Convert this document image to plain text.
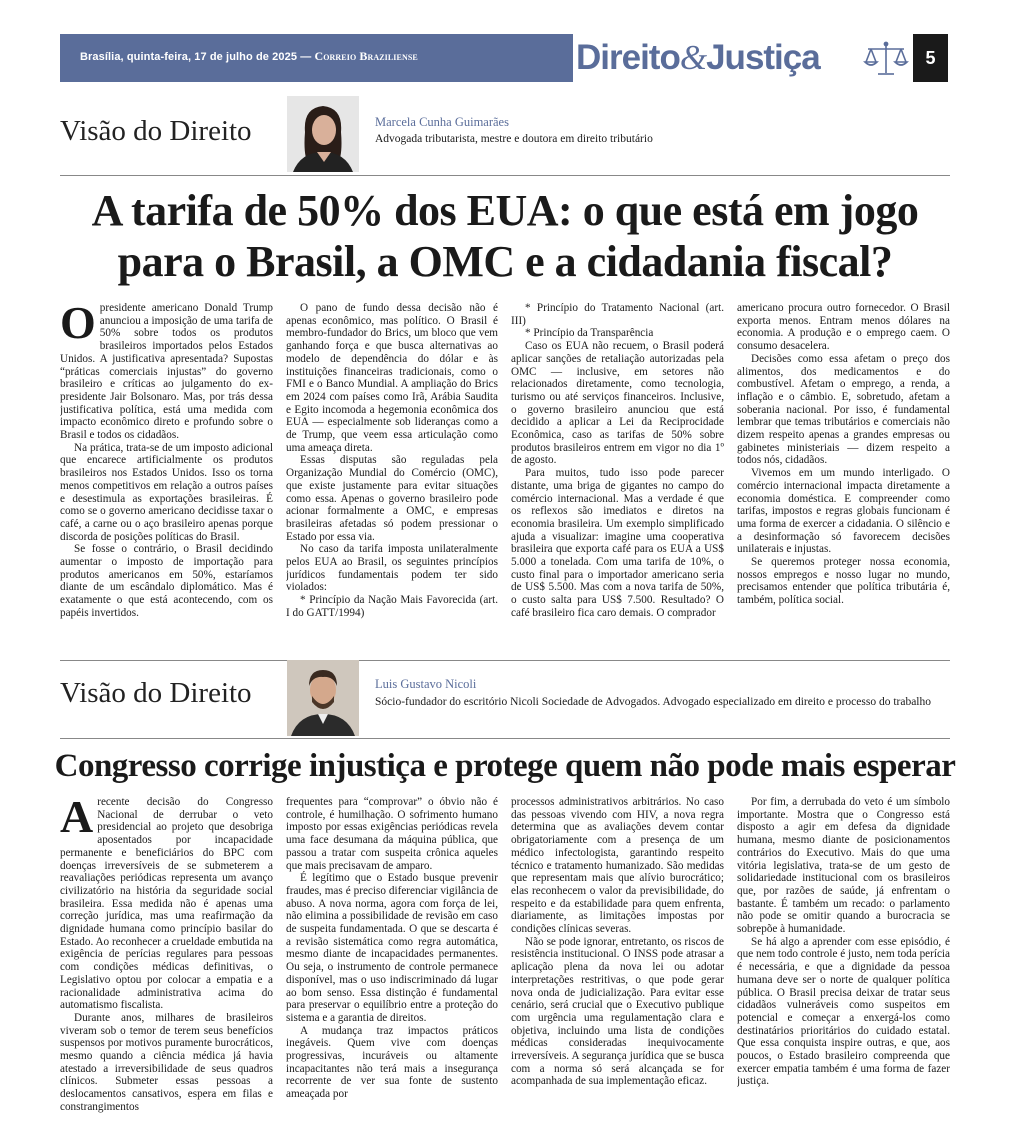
Brasília, quinta-feira, 17 de julho de 2025 — Correio Braziliense	Direito&Justiça	5
Visão do Direito	Marcela Cunha Guimarães
Advogada tributarista, mestre e doutora em direito tributário
A tarifa de 50% dos EUA: o que está em jogo
para o Brasil, a OMC e a cidadania fiscal?
O presidente americano Donald Trump anunciou a imposição de uma tarifa de 50% sobre todos os produtos brasileiros importados pelos Estados Unidos. A justificativa apresentada? Supostas “práticas comerciais injustas” do governo brasileiro e críticas ao julgamento do ex-presidente Jair Bolsonaro. Mas, por trás dessa justificativa política, está uma medida com impacto econômico direto e profundo sobre o Brasil e todos os cidadãos.

Na prática, trata-se de um imposto adicional que encarece artificialmente os produtos brasileiros nos Estados Unidos. Isso os torna menos competitivos em relação a outros países e desestimula as exportações brasileiras. É como se o governo americano decidisse taxar o café, a carne ou o aço brasileiro apenas porque discorda de posições políticas do Brasil.

Se fosse o contrário, o Brasil decidindo aumentar o imposto de importação para produtos americanos em 50%, estaríamos diante de um escândalo diplomático. Mas é exatamente o que está acontecendo, com os papéis invertidos.

O pano de fundo dessa decisão não é apenas econômico, mas político. O Brasil é membro-fundador do Brics, um bloco que vem ganhando força e que busca alternativas ao modelo de dependência do dólar e às instituições financeiras tradicionais, como o FMI e o Banco Mundial. A ampliação do Brics em 2024 com países como Irã, Arábia Saudita e Egito incomoda a hegemonia econômica dos EUA — especialmente sob lideranças como a de Trump, que veem essa articulação como uma ameaça direta.

Essas disputas são reguladas pela Organização Mundial do Comércio (OMC), que existe justamente para evitar situações como essa. Apenas o governo brasileiro pode acionar formalmente a OMC, e empresas brasileiras afetadas só podem pressionar o Estado por essa via.

No caso da tarifa imposta unilateralmente pelos EUA ao Brasil, os seguintes princípios jurídicos fundamentais podem ter sido violados:

* Princípio da Nação Mais Favorecida (art. I do GATT/1994)

* Princípio do Tratamento Nacional (art. III)

* Princípio da Transparência

Caso os EUA não recuem, o Brasil poderá aplicar sanções de retaliação autorizadas pela OMC — inclusive, em setores não relacionados diretamente, como tecnologia, turismo ou até serviços financeiros. Inclusive, o governo brasileiro anunciou que está decidido a aplicar a Lei da Reciprocidade Econômica, caso as tarifas de 50% sobre produtos brasileiros entrem em vigor no dia 1º de agosto.

Para muitos, tudo isso pode parecer distante, uma briga de gigantes no campo do comércio internacional. Mas a verdade é que os reflexos são imediatos e diretos na economia brasileira. Um exemplo simplificado ajuda a visualizar: imagine uma cooperativa brasileira que exporta café para os EUA a US$ 5.000 a tonelada. Com uma tarifa de 10%, o custo final para o importador americano seria de US$ 5.500. Mas com a nova tarifa de 50%, o custo salta para US$ 7.500. Resultado? O café brasileiro fica caro demais. O comprador

americano procura outro fornecedor. O Brasil exporta menos. Entram menos dólares na economia. A produção e o emprego caem. O consumo desacelera.

Decisões como essa afetam o preço dos alimentos, dos medicamentos e do combustível. Afetam o emprego, a renda, a inflação e o câmbio. E, sobretudo, afetam a soberania nacional. Por isso, é fundamental lembrar que temas tributários e comerciais não dizem respeito apenas a grandes empresas ou gabinetes ministeriais — dizem respeito a todos nós, cidadãos.

Vivemos em um mundo interligado. O comércio internacional impacta diretamente a economia doméstica. E compreender como tarifas, impostos e regras globais funcionam é uma forma de exercer a cidadania. O silêncio e a desinformação só favorecem decisões unilaterais e injustas.

Se queremos proteger nossa economia, nossos empregos e nosso lugar no mundo, precisamos entender que política tributária é, também, política social.

Visão do Direito	Luis Gustavo Nicoli
Sócio-fundador do escritório Nicoli Sociedade de Advogados. Advogado especializado em direito e processo do trabalho
Congresso corrige injustiça e protege quem não pode mais esperar
A recente decisão do Congresso Nacional de derrubar o veto presidencial ao projeto que desobriga aposentados por incapacidade permanente e beneficiários do BPC com doenças irreversíveis de se submeterem a reavaliações periódicas representa um avanço civilizatório na história da seguridade social brasileira. Essa medida não é apenas uma correção jurídica, mas uma reafirmação da dignidade humana como princípio basilar do Estado. Ao reconhecer a crueldade embutida na exigência de perícias regulares para pessoas com condições médicas definitivas, o Legislativo optou por colocar a empatia e a racionalidade administrativa acima do automatismo fiscalista.

Durante anos, milhares de brasileiros viveram sob o temor de terem seus benefícios suspensos por motivos puramente burocráticos, mesmo quando a ciência médica já havia atestado a irreversibilidade de seus quadros clínicos. Submeter essas pessoas a deslocamentos cansativos, espera em filas e constrangimentos

frequentes para “comprovar” o óbvio não é controle, é humilhação. O sofrimento humano imposto por essas exigências periódicas revela uma face desumana da máquina pública, que passou a tratar com suspeita crônica aqueles que mais precisavam de amparo.

É legítimo que o Estado busque prevenir fraudes, mas é preciso diferenciar vigilância de abuso. A nova norma, agora com força de lei, não elimina a possibilidade de revisão em caso de suspeita fundamentada. O que se descarta é a revisão sistemática como regra automática, mesmo diante de incapacidades permanentes. Ou seja, o instrumento de controle permanece disponível, mas o uso indiscriminado dá lugar ao bom senso. Essa distinção é fundamental para preservar o equilíbrio entre a proteção do sistema e a garantia de direitos.

A mudança traz impactos práticos inegáveis. Quem vive com doenças progressivas, incuráveis ou altamente incapacitantes não terá mais a insegurança recorrente de ver sua fonte de sustento ameaçada por

processos administrativos arbitrários. No caso das pessoas vivendo com HIV, a nova regra determina que as avaliações devem contar obrigatoriamente com a presença de um médico infectologista, garantindo respeito técnico e tratamento humanizado. São medidas que representam mais que alívio burocrático; elas reconhecem o valor da previsibilidade, do respeito e da estabilidade para quem enfrenta, diariamente, as limitações impostas por condições clínicas severas.

Não se pode ignorar, entretanto, os riscos de resistência institucional. O INSS pode atrasar a aplicação plena da nova lei ou adotar interpretações restritivas, o que pode gerar nova onda de judicialização. Para evitar esse cenário, será crucial que o Executivo publique com urgência uma regulamentação clara e objetiva, incluindo uma lista de condições médicas consideradas inequivocamente irreversíveis. A segurança jurídica que se busca com a norma só será alcançada se for acompanhada de sua implementação eficaz.

Por fim, a derrubada do veto é um símbolo importante. Mostra que o Congresso está disposto a agir em defesa da dignidade humana, mesmo diante de posicionamentos contrários do Executivo. Mais do que uma vitória legislativa, trata-se de um gesto de solidariedade institucional com os brasileiros que, por razões de saúde, já enfrentam o bastante. É também um recado: o parlamento não pode se omitir quando a burocracia se sobrepõe à humanidade.

Se há algo a aprender com esse episódio, é que nem todo controle é justo, nem toda perícia é necessária, e que a dignidade da pessoa humana deve ser o norte de qualquer política pública. O Brasil precisa deixar de tratar seus cidadãos vulneráveis como suspeitos em potencial e começar a enxergá-los como destinatários prioritários do cuidado estatal. Que essa conquista inspire outras, e que, aos poucos, o Estado brasileiro compreenda que exercer empatia também é uma forma de fazer justiça.
